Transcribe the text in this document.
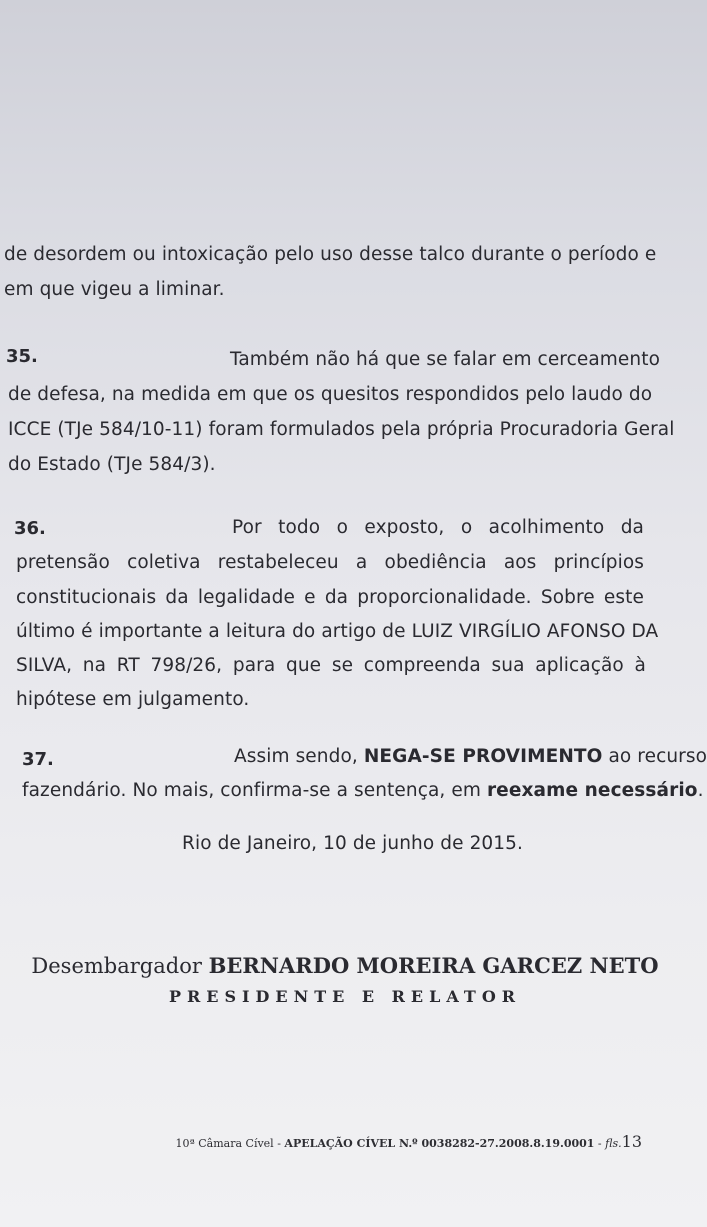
de desordem ou intoxicação pelo uso desse talco durante o período e
em que vigeu a liminar.
35.	Também não há que se falar em cerceamento
de defesa, na medida em que os quesitos respondidos pelo laudo do
ICCE (TJe 584/10-11) foram formulados pela própria Procuradoria Geral
do Estado (TJe 584/3).
36.	Por todo o exposto, o acolhimento da
pretensão coletiva restabeleceu a obediência aos princípios
constitucionais da legalidade e da proporcionalidade. Sobre este
último é importante a leitura do artigo de LUIZ VIRGÍLIO AFONSO DA
SILVA, na RT 798/26, para que se compreenda sua aplicação à
hipótese em julgamento.
37.	Assim sendo, NEGA-SE PROVIMENTO ao recurso
fazendário. No mais, confirma-se a sentença, em reexame necessário.
Rio de Janeiro, 10 de junho de 2015.
Desembargador BERNARDO MOREIRA GARCEZ NETO
PRESIDENTE E RELATOR
10ª Câmara Cível - APELAÇÃO CÍVEL N.º 0038282-27.2008.8.19.0001 - fls.13
